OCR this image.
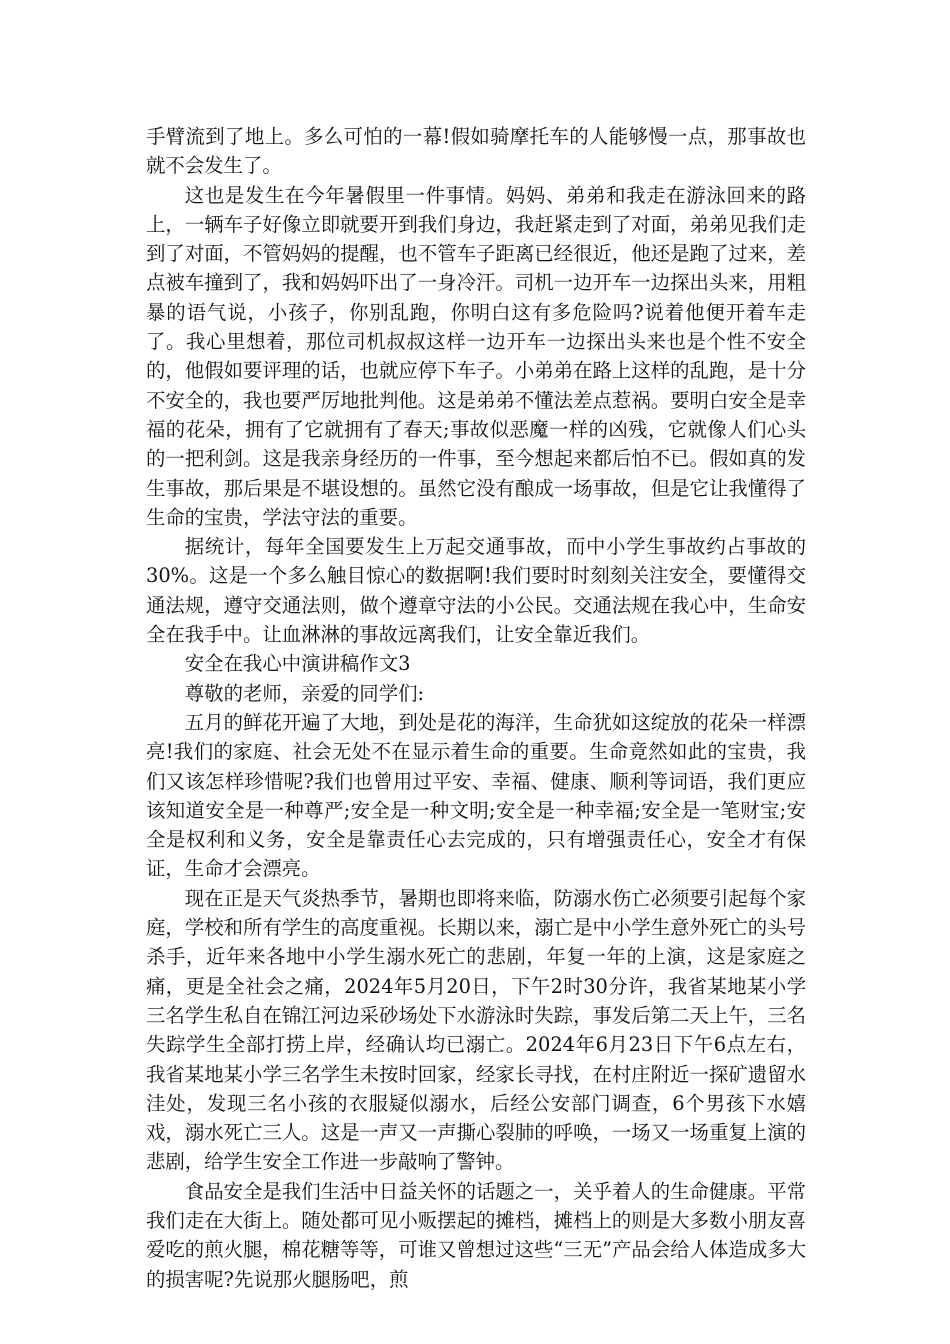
手臂流到了地上。多么可怕的一幕!假如骑摩托车的人能够慢一点，那事故也就不会发生了。

这也是发生在今年暑假里一件事情。妈妈、弟弟和我走在游泳回来的路上，一辆车子好像立即就要开到我们身边，我赶紧走到了对面，弟弟见我们走到了对面，不管妈妈的提醒，也不管车子距离已经很近，他还是跑了过来，差点被车撞到了，我和妈妈吓出了一身冷汗。司机一边开车一边探出头来，用粗暴的语气说，小孩子，你别乱跑，你明白这有多危险吗?说着他便开着车走了。我心里想着，那位司机叔叔这样一边开车一边探出头来也是个性不安全的，他假如要评理的话，也就应停下车子。小弟弟在路上这样的乱跑，是十分不安全的，我也要严厉地批判他。这是弟弟不懂法差点惹祸。要明白安全是幸福的花朵，拥有了它就拥有了春天;事故似恶魔一样的凶残，它就像人们心头的一把利剑。这是我亲身经历的一件事，至今想起来都后怕不已。假如真的发生事故，那后果是不堪设想的。虽然它没有酿成一场事故，但是它让我懂得了生命的宝贵，学法守法的重要。

据统计，每年全国要发生上万起交通事故，而中小学生事故约占事故的30%。这是一个多么触目惊心的数据啊!我们要时时刻刻关注安全，要懂得交通法规，遵守交通法则，做个遵章守法的小公民。交通法规在我心中，生命安全在我手中。让血淋淋的事故远离我们，让安全靠近我们。

安全在我心中演讲稿作文3

尊敬的老师，亲爱的同学们:

五月的鲜花开遍了大地，到处是花的海洋，生命犹如这绽放的花朵一样漂亮!我们的家庭、社会无处不在显示着生命的重要。生命竟然如此的宝贵，我们又该怎样珍惜呢?我们也曾用过平安、幸福、健康、顺利等词语，我们更应该知道安全是一种尊严;安全是一种文明;安全是一种幸福;安全是一笔财宝;安全是权利和义务，安全是靠责任心去完成的，只有增强责任心，安全才有保证，生命才会漂亮。

现在正是天气炎热季节，暑期也即将来临，防溺水伤亡必须要引起每个家庭，学校和所有学生的高度重视。长期以来，溺亡是中小学生意外死亡的头号杀手，近年来各地中小学生溺水死亡的悲剧，年复一年的上演，这是家庭之痛，更是全社会之痛，2024年5月20日，下午2时30分许，我省某地某小学三名学生私自在锦江河边采砂场处下水游泳时失踪，事发后第二天上午，三名失踪学生全部打捞上岸，经确认均已溺亡。2024年6月23日下午6点左右，我省某地某小学三名学生未按时回家，经家长寻找，在村庄附近一探矿遗留水洼处，发现三名小孩的衣服疑似溺水，后经公安部门调查，6个男孩下水嬉戏，溺水死亡三人。这是一声又一声撕心裂肺的呼唤，一场又一场重复上演的悲剧，给学生安全工作进一步敲响了警钟。

食品安全是我们生活中日益关怀的话题之一，关乎着人的生命健康。平常我们走在大街上。随处都可见小贩摆起的摊档，摊档上的则是大多数小朋友喜爱吃的煎火腿，棉花糖等等，可谁又曾想过这些“三无”产品会给人体造成多大的损害呢?先说那火腿肠吧，煎
